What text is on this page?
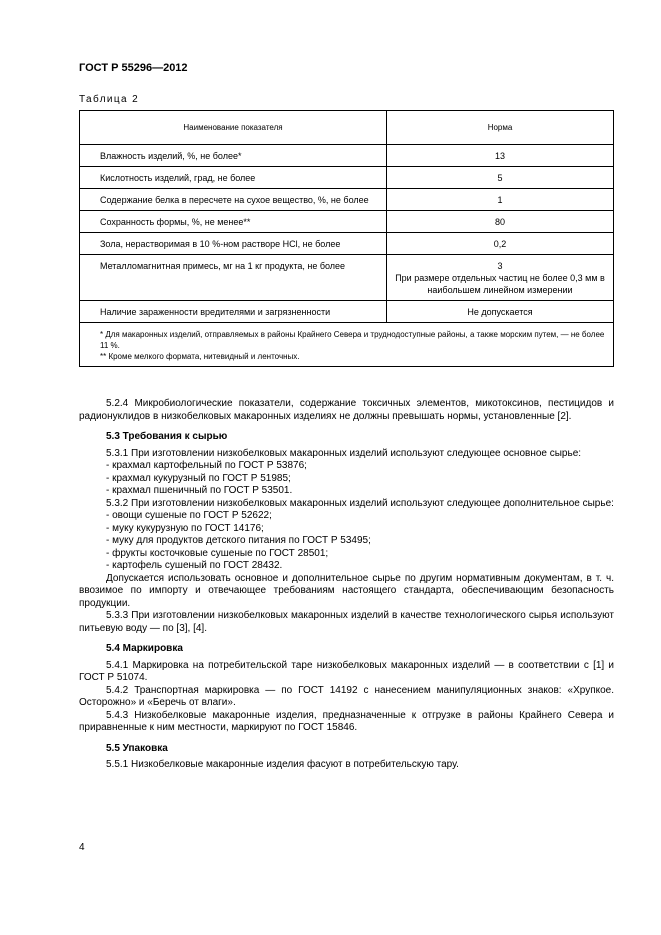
ГОСТ Р 55296—2012
Таблица 2
Наименование показателя	Норма
Влажность изделий, %, не более*	13
Кислотность изделий, град, не более	5
Содержание белка в пересчете на сухое вещество, %, не более	1
Сохранность формы, %, не менее**	80
Зола, нерастворимая в 10 %-ном растворе HCl, не более	0,2
Металломагнитная примесь, мг на 1 кг продукта, не более	3
При размере отдельных частиц не более 0,3 мм в наибольшем линейном измерении

Наличие зараженности вредителями и загрязненности	Не допускается

* Для макаронных изделий, отправляемых в районы Крайнего Севера и труднодоступные районы, а также морским путем, — не более 11 %.
** Кроме мелкого формата, нитевидный и ленточных.	

5.2.4 Микробиологические показатели, содержание токсичных элементов, микотоксинов, пестицидов и радионуклидов в низкобелковых макаронных изделиях не должны превышать нормы, установленные [2].

5.3 Требования к сырью

5.3.1 При изготовлении низкобелковых макаронных изделий используют следующее основное сырье:

- крахмал картофельный по ГОСТ Р 53876;

- крахмал кукурузный по ГОСТ Р 51985;

- крахмал пшеничный по ГОСТ Р 53501.

5.3.2 При изготовлении низкобелковых макаронных изделий используют следующее дополнительное сырье:

- овощи сушеные по ГОСТ Р 52622;

- муку кукурузную по ГОСТ 14176;

- муку для продуктов детского питания по ГОСТ Р 53495;

- фрукты косточковые сушеные по ГОСТ 28501;

- картофель сушеный по ГОСТ 28432.

Допускается использовать основное и дополнительное сырье по другим нормативным документам, в т. ч. ввозимое по импорту и отвечающее требованиям настоящего стандарта, обеспечивающим безопасность продукции.

5.3.3 При изготовлении низкобелковых макаронных изделий в качестве технологического сырья используют питьевую воду — по [3], [4].

5.4 Маркировка

5.4.1 Маркировка на потребительской таре низкобелковых макаронных изделий — в соответствии с [1] и ГОСТ Р 51074.

5.4.2 Транспортная маркировка — по ГОСТ 14192 с нанесением манипуляционных знаков: «Хрупкое. Осторожно» и «Беречь от влаги».

5.4.3 Низкобелковые макаронные изделия, предназначенные к отгрузке в районы Крайнего Севера и приравненные к ним местности, маркируют по ГОСТ 15846.

5.5 Упаковка

5.5.1 Низкобелковые макаронные изделия фасуют в потребительскую тару.

4
